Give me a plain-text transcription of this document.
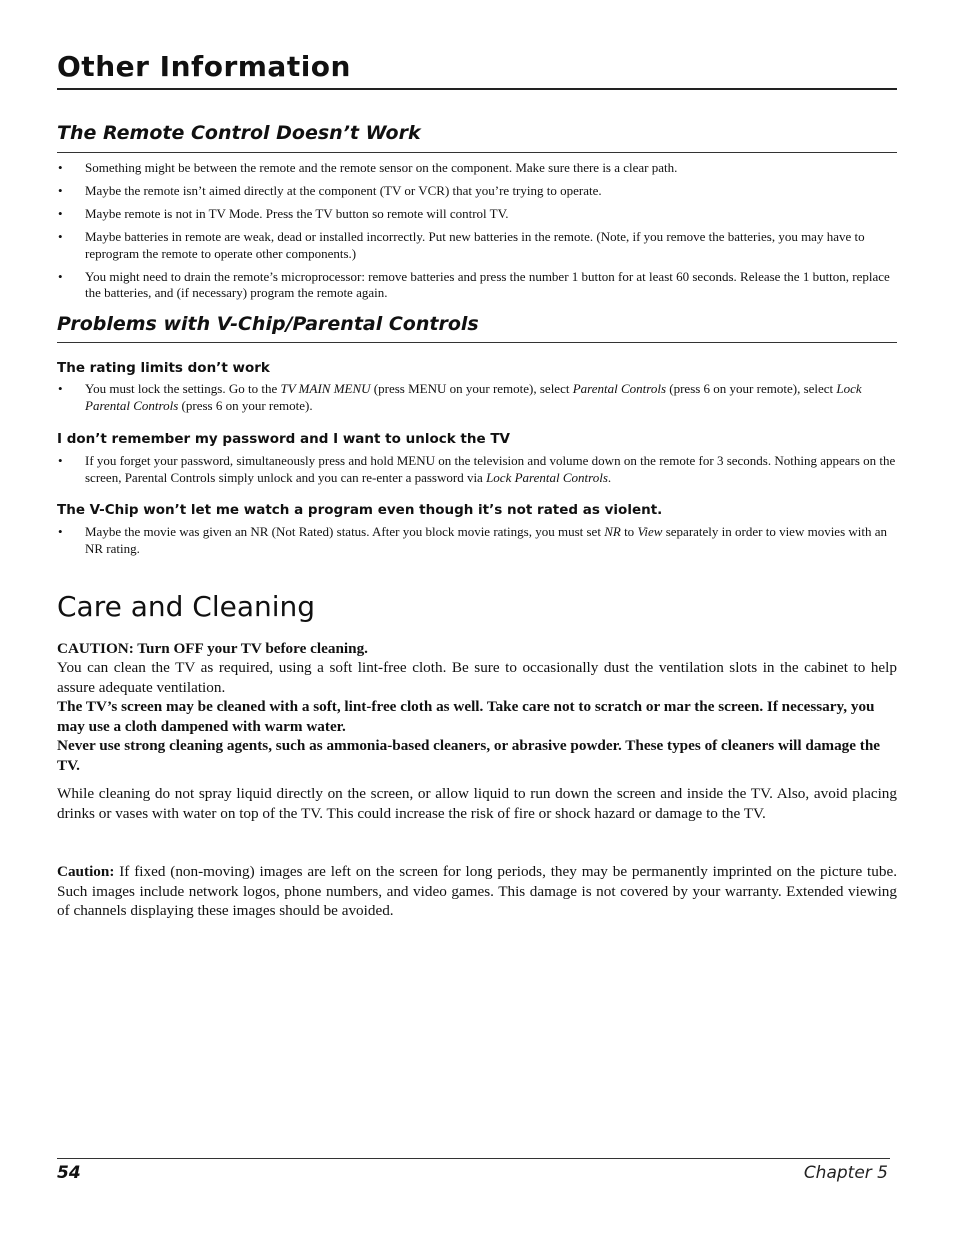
Other Information
The Remote Control Doesn’t Work
• Something might be between the remote and the remote sensor on the component. Make sure there is a clear path.
• Maybe the remote isn’t aimed directly at the component (TV or VCR) that you’re trying to operate.
• Maybe remote is not in TV Mode. Press the TV button so remote will control TV.
• Maybe batteries in remote are weak, dead or installed incorrectly. Put new batteries in the remote. (Note, if you remove the batteries, you may have to reprogram the remote to operate other components.)
• You might need to drain the remote’s microprocessor: remove batteries and press the number 1 button for at least 60 seconds. Release the 1 button, replace the batteries, and (if necessary) program the remote again.
Problems with V-Chip/Parental Controls
The rating limits don’t work
• You must lock the settings. Go to the TV MAIN MENU (press MENU on your remote), select Parental Controls (press 6 on your remote), select Lock Parental Controls (press 6 on your remote).
I don’t remember my password and I want to unlock the TV
• If you forget your password, simultaneously press and hold MENU on the television and volume down on the remote for 3 seconds. Nothing appears on the screen, Parental Controls simply unlock and you can re-enter a password via Lock Parental Controls.
The V-Chip won’t let me watch a program even though it’s not rated as violent.
• Maybe the movie was given an NR (Not Rated) status. After you block movie ratings, you must set NR to View separately in order to view movies with an NR rating.
Care and Cleaning

CAUTION: Turn OFF your TV before cleaning.

You can clean the TV as required, using a soft lint-free cloth. Be sure to occasionally dust the ventilation slots in the cabinet to help assure adequate ventilation.

The TV’s screen may be cleaned with a soft, lint-free cloth as well. Take care not to scratch or mar the screen. If necessary, you may use a cloth dampened with warm water.

Never use strong cleaning agents, such as ammonia-based cleaners, or abrasive powder. These types of cleaners will damage the TV.

While cleaning do not spray liquid directly on the screen, or allow liquid to run down the screen and inside the TV. Also, avoid placing drinks or vases with water on top of the TV. This could increase the risk of fire or shock hazard or damage to the TV.

Caution: If fixed (non-moving) images are left on the screen for long periods, they may be permanently imprinted on the picture tube. Such images include network logos, phone numbers, and video games. This damage is not covered by your warranty. Extended viewing of channels displaying these images should be avoided.

54	Chapter 5
